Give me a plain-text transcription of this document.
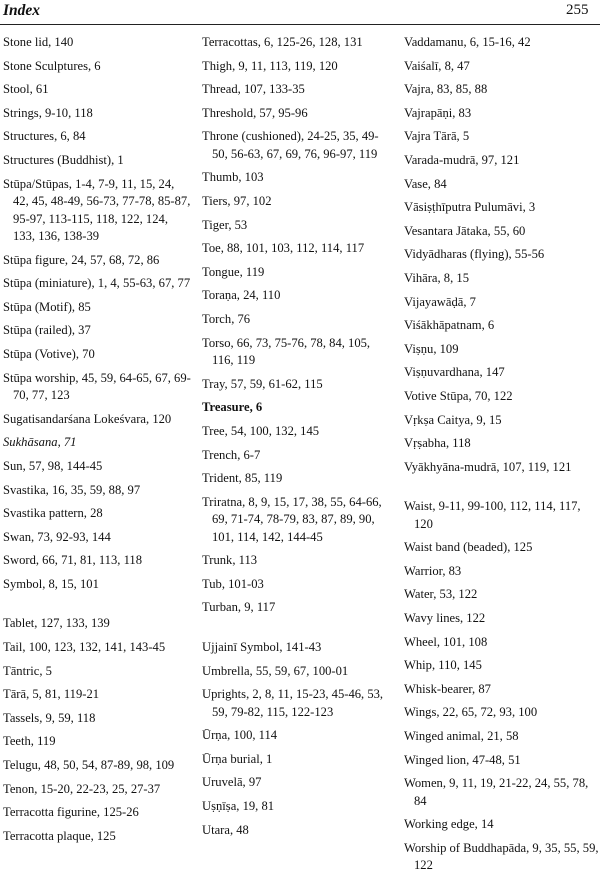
Index	255
Stone lid, 140
Stone Sculptures, 6
Stool, 61
Strings, 9-10, 118
Structures, 6, 84
Structures (Buddhist), 1
Stūpa/Stūpas, 1-4, 7-9, 11, 15, 24, 42, 45, 48-49, 56-73, 77-78, 85-87, 95-97, 113-115, 118, 122, 124, 133, 136, 138-39
Stūpa figure, 24, 57, 68, 72, 86
Stūpa (miniature), 1, 4, 55-63, 67, 77
Stūpa (Motif), 85
Stūpa (railed), 37
Stūpa (Votive), 70
Stūpa worship, 45, 59, 64-65, 67, 69-70, 77, 123
Sugatisandarśana Lokeśvara, 120
Sukhāsana, 71
Sun, 57, 98, 144-45
Svastika, 16, 35, 59, 88, 97
Svastika pattern, 28
Swan, 73, 92-93, 144
Sword, 66, 71, 81, 113, 118
Symbol, 8, 15, 101
Tablet, 127, 133, 139
Tail, 100, 123, 132, 141, 143-45
Tāntric, 5
Tārā, 5, 81, 119-21
Tassels, 9, 59, 118
Teeth, 119
Telugu, 48, 50, 54, 87-89, 98, 109
Tenon, 15-20, 22-23, 25, 27-37
Terracotta figurine, 125-26
Terracotta plaque, 125
Terracottas, 6, 125-26, 128, 131
Thigh, 9, 11, 113, 119, 120
Thread, 107, 133-35
Threshold, 57, 95-96
Throne (cushioned), 24-25, 35, 49-50, 56-63, 67, 69, 76, 96-97, 119
Thumb, 103
Tiers, 97, 102
Tiger, 53
Toe, 88, 101, 103, 112, 114, 117
Tongue, 119
Toraṇa, 24, 110
Torch, 76
Torso, 66, 73, 75-76, 78, 84, 105, 116, 119
Tray, 57, 59, 61-62, 115
Treasure, 6
Tree, 54, 100, 132, 145
Trench, 6-7
Trident, 85, 119
Triratna, 8, 9, 15, 17, 38, 55, 64-66, 69, 71-74, 78-79, 83, 87, 89, 90, 101, 114, 142, 144-45
Trunk, 113
Tub, 101-03
Turban, 9, 117
Ujjainī Symbol, 141-43
Umbrella, 55, 59, 67, 100-01
Uprights, 2, 8, 11, 15-23, 45-46, 53, 59, 79-82, 115, 122-123
Ūrṇa, 100, 114
Ūrṇa burial, 1
Uruvelā, 97
Uṣṇīṣa, 19, 81
Utara, 48
Vaddamanu, 6, 15-16, 42
Vaiśalī, 8, 47
Vajra, 83, 85, 88
Vajrapāṇi, 83
Vajra Tārā, 5
Varada-mudrā, 97, 121
Vase, 84
Vāsiṣṭhīputra Pulumāvi, 3
Vesantara Jātaka, 55, 60
Vidyādharas (flying), 55-56
Vihāra, 8, 15
Vijayawāḍā, 7
Viśākhāpatnam, 6
Viṣṇu, 109
Viṣṇuvardhana, 147
Votive Stūpa, 70, 122
Vṛkṣa Caitya, 9, 15
Vṛṣabha, 118
Vyākhyāna-mudrā, 107, 119, 121
Waist, 9-11, 99-100, 112, 114, 117, 120
Waist band (beaded), 125
Warrior, 83
Water, 53, 122
Wavy lines, 122
Wheel, 101, 108
Whip, 110, 145
Whisk-bearer, 87
Wings, 22, 65, 72, 93, 100
Winged animal, 21, 58
Winged lion, 47-48, 51
Women, 9, 11, 19, 21-22, 24, 55, 78, 84
Working edge, 14
Worship of Buddhapāda, 9, 35, 55, 59, 122
